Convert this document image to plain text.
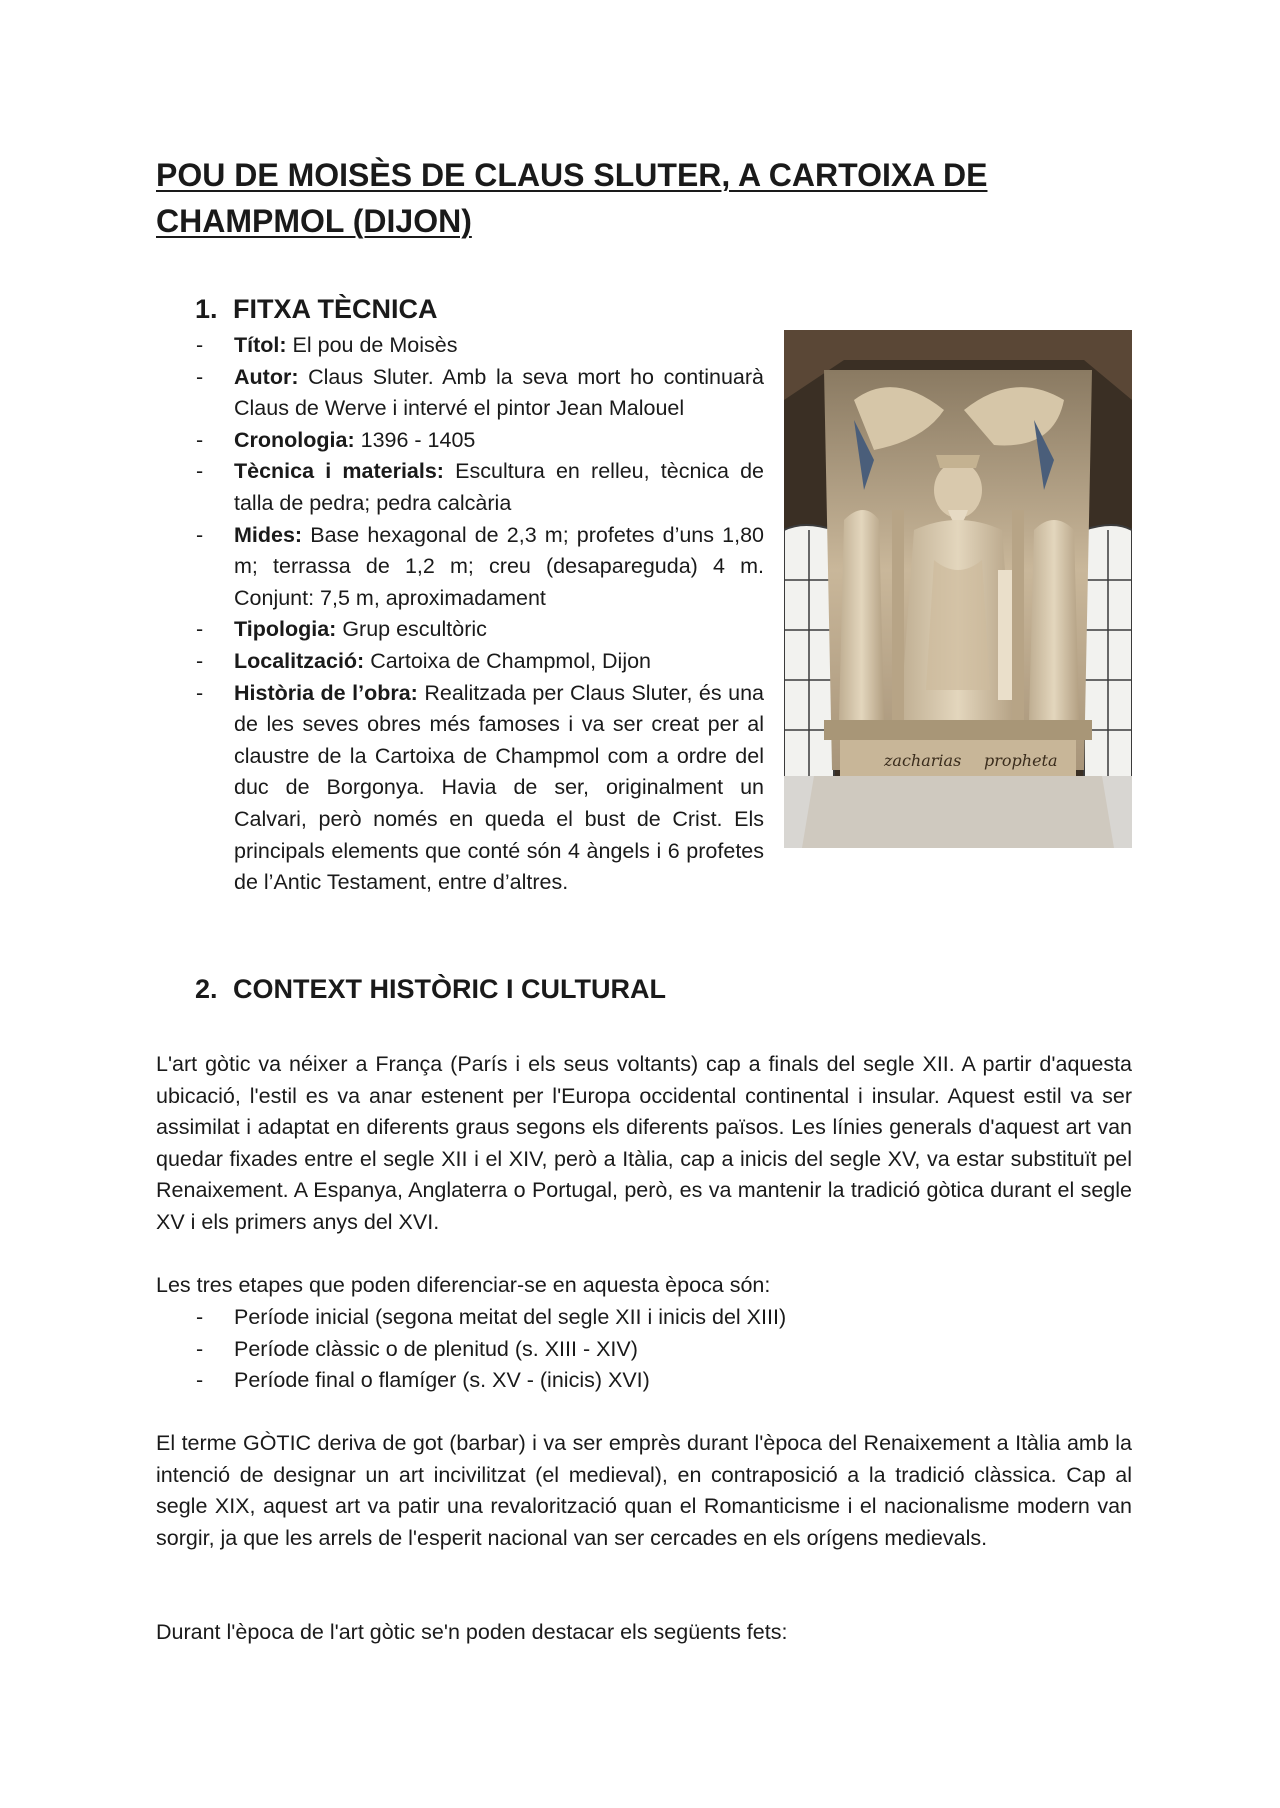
POU DE MOISÈS DE CLAUS SLUTER, A CARTOIXA DE CHAMPMOL (DIJON)
1. FITXA TÈCNICA
zacharias propheta
- Títol: El pou de Moisès
- Autor: Claus Sluter. Amb la seva mort ho continuarà Claus de Werve i intervé el pintor Jean Malouel
- Cronologia: 1396 - 1405
- Tècnica i materials: Escultura en relleu, tècnica de talla de pedra; pedra calcària
- Mides: Base hexagonal de 2,3 m; profetes d’uns 1,80 m; terrassa de 1,2 m; creu (desapareguda) 4 m. Conjunt: 7,5 m, aproximadament
- Tipologia: Grup escultòric
- Localització: Cartoixa de Champmol, Dijon
- Història de l’obra: Realitzada per Claus Sluter, és una de les seves obres més famoses i va ser creat per al claustre de la Cartoixa de Champmol com a ordre del duc de Borgonya. Havia de ser, originalment un Calvari, però només en queda el bust de Crist. Els principals elements que conté són 4 àngels i 6 profetes de l’Antic Testament, entre d’altres.
2. CONTEXT HISTÒRIC I CULTURAL

L'art gòtic va néixer a França (París i els seus voltants) cap a finals del segle XII. A partir d'aquesta ubicació, l'estil es va anar estenent per l'Europa occidental continental i insular. Aquest estil va ser assimilat i adaptat en diferents graus segons els diferents països. Les línies generals d'aquest art van quedar fixades entre el segle XII i el XIV, però a Itàlia, cap a inicis del segle XV, va estar substituït pel Renaixement. A Espanya, Anglaterra o Portugal, però, es va mantenir la tradició gòtica durant el segle XV i els primers anys del XVI.

Les tres etapes que poden diferenciar-se en aquesta època són:

- Període inicial (segona meitat del segle XII i inicis del XIII)
- Període clàssic o de plenitud (s. XIII - XIV)
- Període final o flamíger (s. XV - (inicis) XVI)

El terme GÒTIC deriva de got (barbar) i va ser emprès durant l'època del Renaixement a Itàlia amb la intenció de designar un art incivilitzat (el medieval), en contraposició a la tradició clàssica. Cap al segle XIX, aquest art va patir una revalorització quan el Romanticisme i el nacionalisme modern van sorgir, ja que les arrels de l'esperit nacional van ser cercades en els orígens medievals.

Durant l'època de l'art gòtic se'n poden destacar els següents fets:
